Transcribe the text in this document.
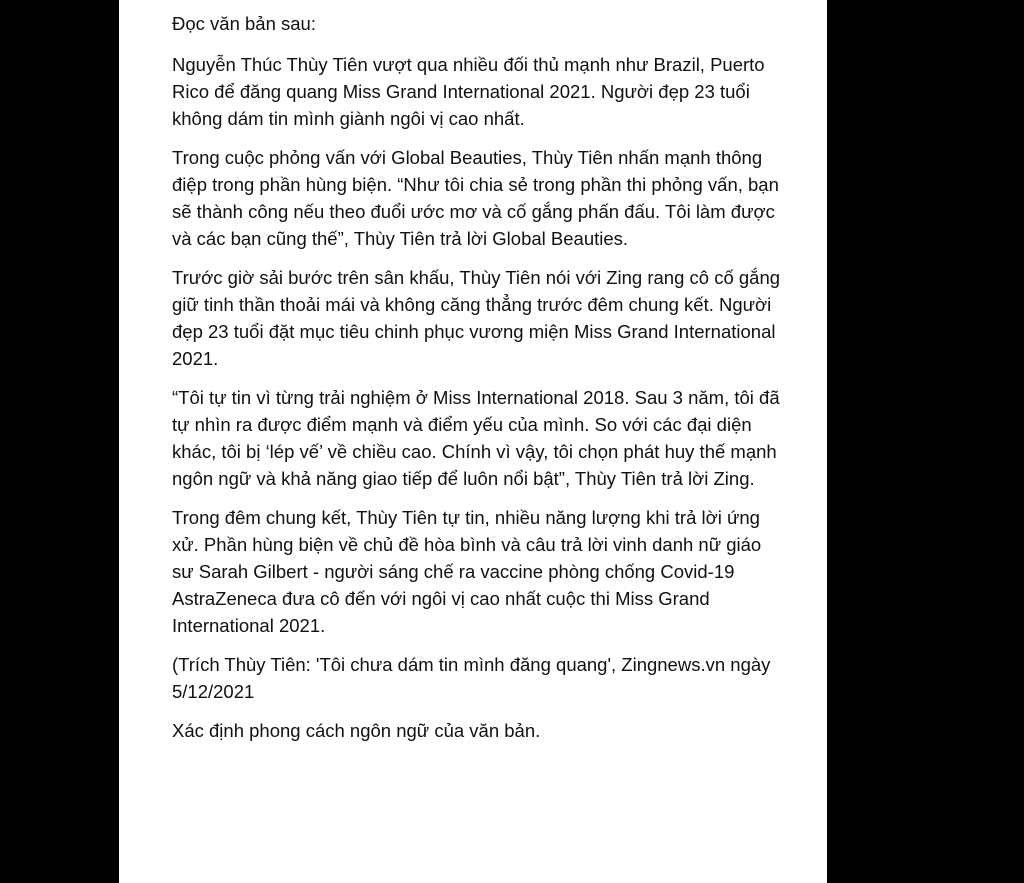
Đọc văn bản sau:

Nguyễn Thúc Thùy Tiên vượt qua nhiều đối thủ mạnh như Brazil, Puerto Rico để đăng quang Miss Grand International 2021. Người đẹp 23 tuổi không dám tin mình giành ngôi vị cao nhất.

Trong cuộc phỏng vấn với Global Beauties, Thùy Tiên nhấn mạnh thông điệp trong phần hùng biện. “Như tôi chia sẻ trong phần thi phỏng vấn, bạn sẽ thành công nếu theo đuổi ước mơ và cố gắng phấn đấu. Tôi làm được và các bạn cũng thế”, Thùy Tiên trả lời Global Beauties.

Trước giờ sải bước trên sân khấu, Thùy Tiên nói với Zing rang cô cố gắng giữ tinh thần thoải mái và không căng thẳng trước đêm chung kết. Người đẹp 23 tuổi đặt mục tiêu chinh phục vương miện Miss Grand International 2021.

“Tôi tự tin vì từng trải nghiệm ở Miss International 2018. Sau 3 năm, tôi đã tự nhìn ra được điểm mạnh và điểm yếu của mình. So với các đại diện khác, tôi bị ‘lép vế’ về chiều cao. Chính vì vậy, tôi chọn phát huy thế mạnh ngôn ngữ và khả năng giao tiếp để luôn nổi bật”, Thùy Tiên trả lời Zing.

Trong đêm chung kết, Thùy Tiên tự tin, nhiều năng lượng khi trả lời ứng xử. Phần hùng biện về chủ đề hòa bình và câu trả lời vinh danh nữ giáo sư Sarah Gilbert - người sáng chế ra vaccine phòng chống Covid-19 AstraZeneca đưa cô đến với ngôi vị cao nhất cuộc thi Miss Grand International 2021.

(Trích Thùy Tiên: 'Tôi chưa dám tin mình đăng quang', Zingnews.vn ngày 5/12/2021

Xác định phong cách ngôn ngữ của văn bản.
